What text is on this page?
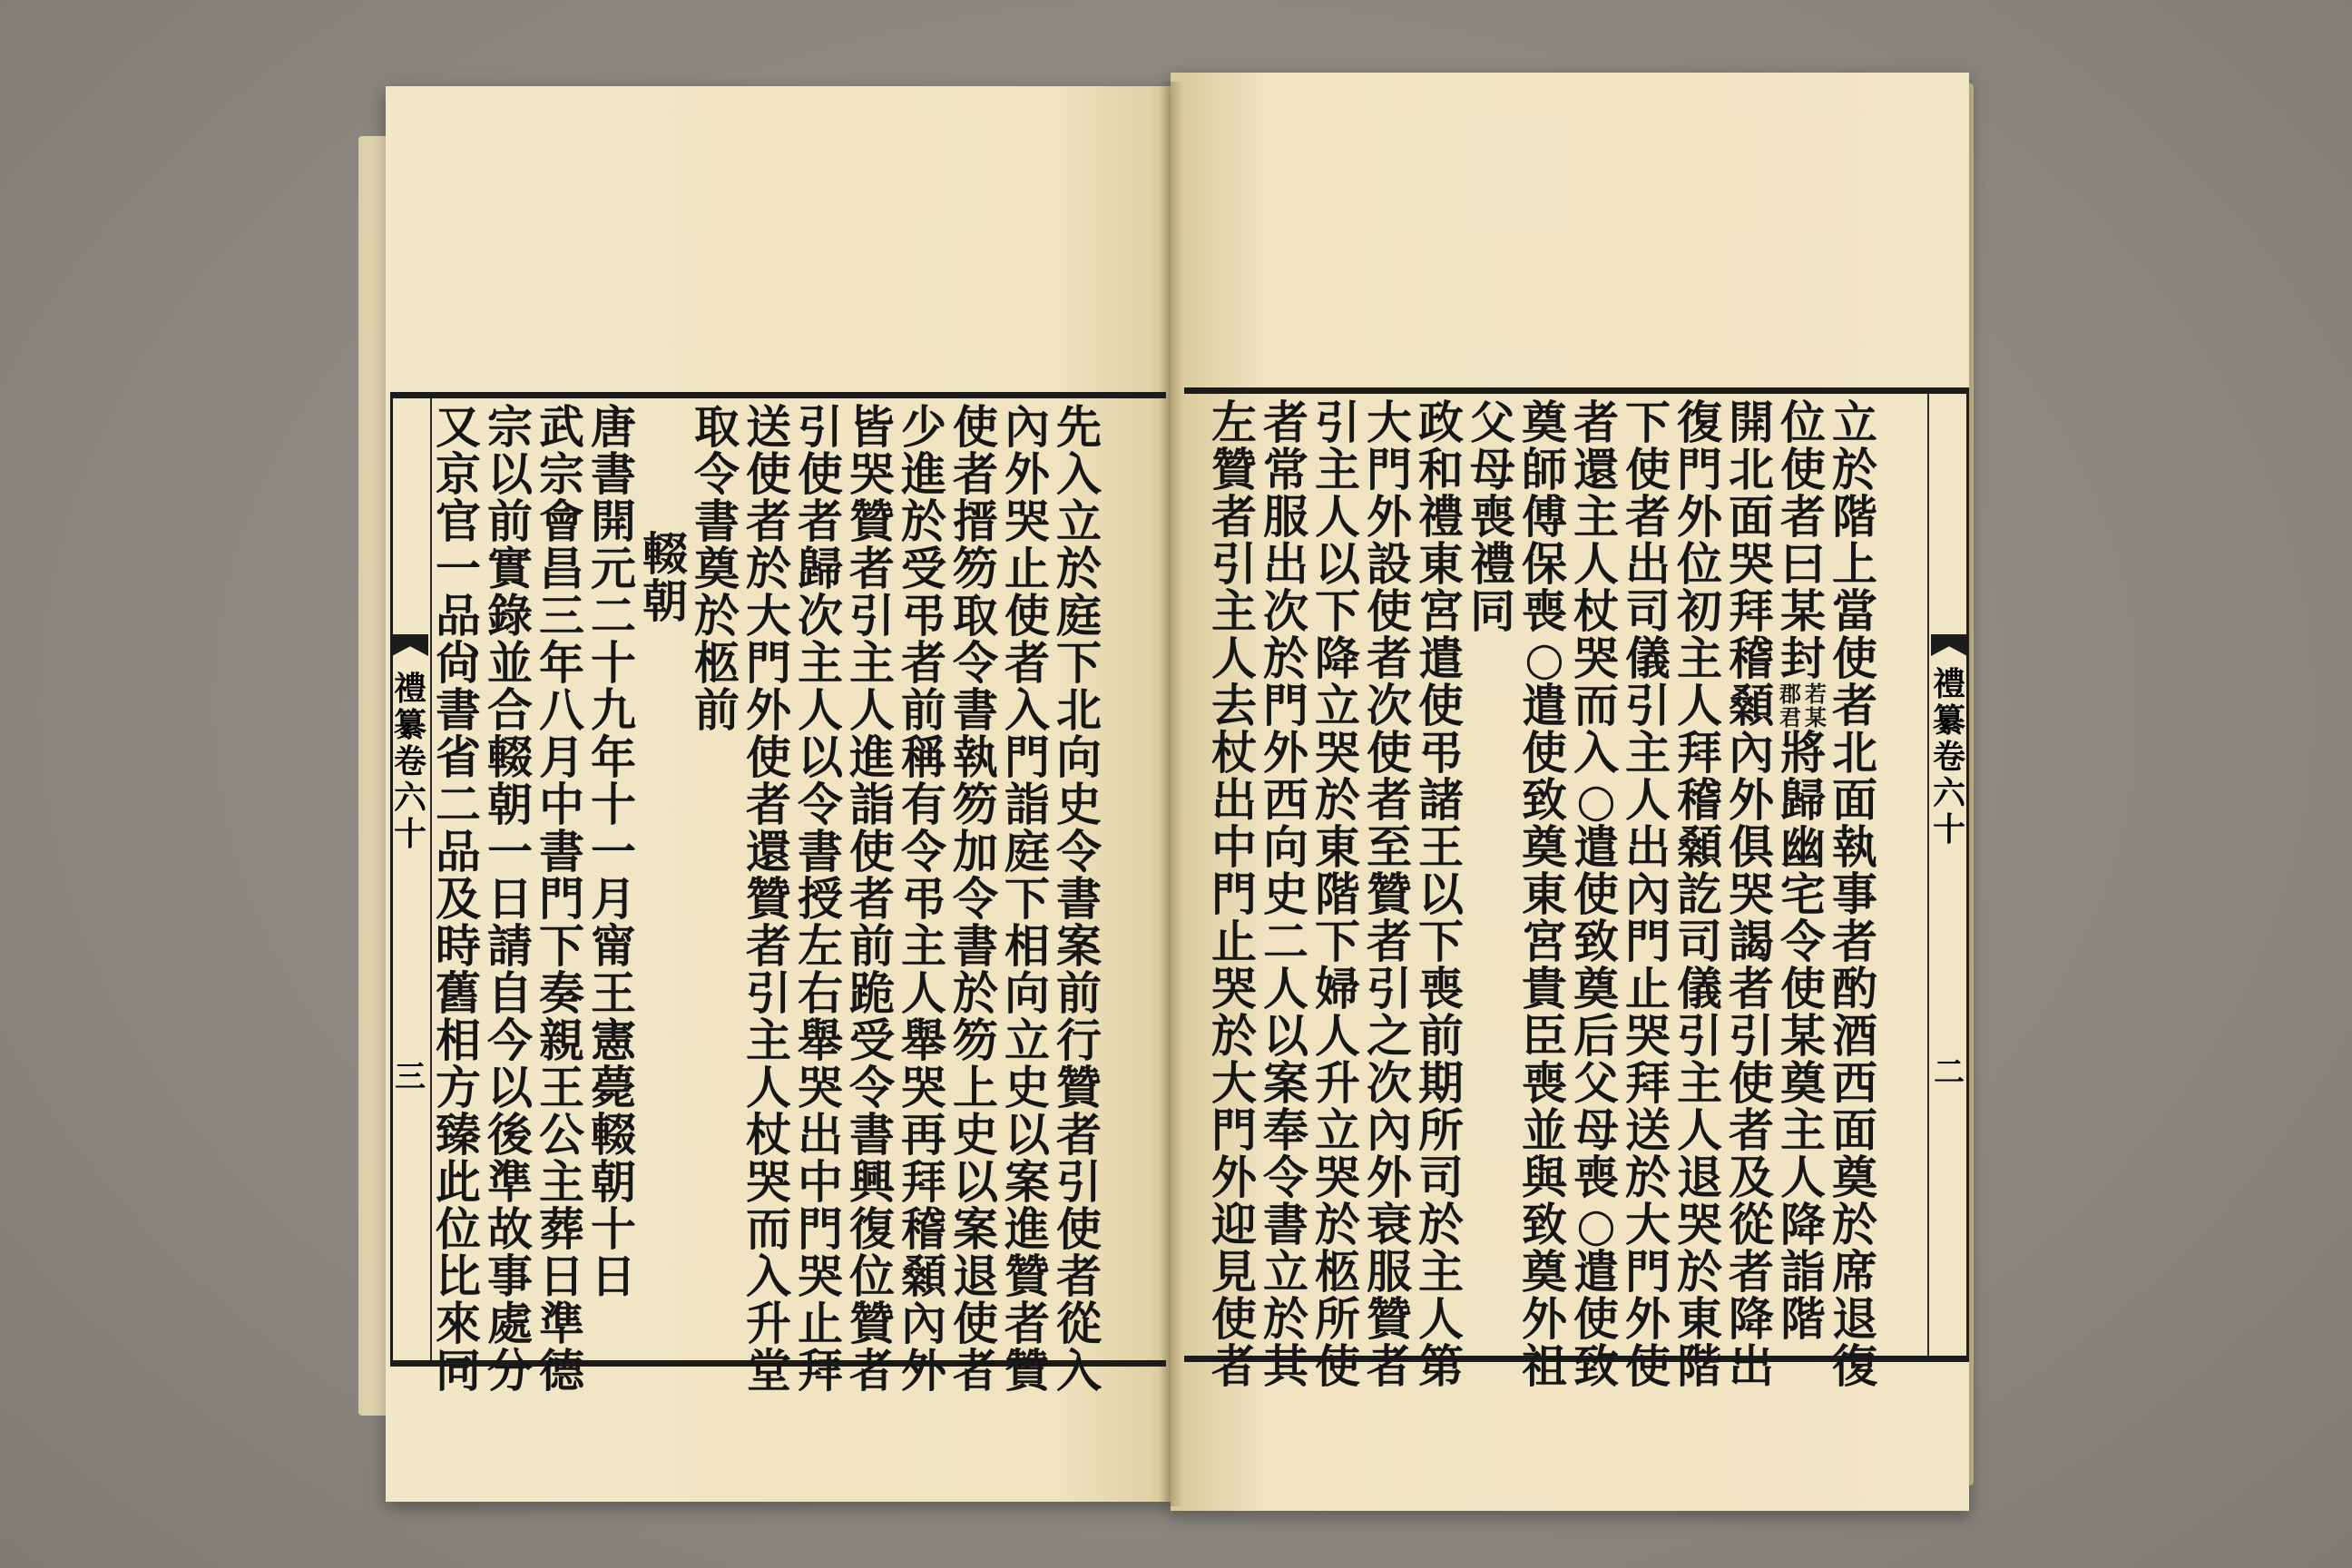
禮
纂
卷
六
十
三
先
入
立
於
庭
下
北
向
史
令
書
案
前
行
贊
者
引
使
者
從
入
內
外
哭
止
使
者
入
門
詣
庭
下
相
向
立
史
以
案
進
贊
者
贊
使
者
搢
笏
取
令
書
執
笏
加
令
書
於
笏
上
史
以
案
退
使
者
少
進
於
受
弔
者
前
稱
有
令
弔
主
人
舉
哭
再
拜
稽
顙
內
外
皆
哭
贊
者
引
主
人
進
詣
使
者
前
跪
受
令
書
興
復
位
贊
者
引
使
者
歸
次
主
人
以
令
書
授
左
右
舉
哭
出
中
門
哭
止
拜
送
使
者
於
大
門
外
使
者
還
贊
者
引
主
人
杖
哭
而
入
升
堂
取
令
書
奠
於
柩
前
輟
朝
唐
書
開
元
二
十
九
年
十
一
月
甯
王
憲
薨
輟
朝
十
日
武
宗
會
昌
三
年
八
月
中
書
門
下
奏
親
王
公
主
葬
日
準
德
宗
以
前
實
錄
並
合
輟
朝
一
日
請
自
今
以
後
準
故
事
處
分
又
京
官
一
品
尙
書
省
二
品
及
時
舊
相
方
臻
此
位
比
來
同
禮
纂
卷
六
十
二
立
於
階
上
當
使
者
北
面
執
事
者
酌
酒
西
面
奠
於
席
退
復
位
使
者
曰
某
封
若
某
郡
君
將
歸
幽
宅
令
使
某
奠
主
人
降
詣
階
開
北
面
哭
拜
稽
顙
內
外
俱
哭
謁
者
引
使
者
及
從
者
降
出
復
門
外
位
初
主
人
拜
稽
顙
訖
司
儀
引
主
人
退
哭
於
東
階
下
使
者
出
司
儀
引
主
人
出
內
門
止
哭
拜
送
於
大
門
外
使
者
還
主
人
杖
哭
而
入
○
遣
使
致
奠
后
父
母
喪
○
遣
使
致
奠
師
傅
保
喪
○
遣
使
致
奠
東
宮
貴
臣
喪
並
與
致
奠
外
祖
父
母
喪
禮
同
政
和
禮
東
宮
遣
使
弔
諸
王
以
下
喪
前
期
所
司
於
主
人
第
大
門
外
設
使
者
次
使
者
至
贊
者
引
之
次
內
外
衰
服
贊
者
引
主
人
以
下
降
立
哭
於
東
階
下
婦
人
升
立
哭
於
柩
所
使
者
常
服
出
次
於
門
外
西
向
史
二
人
以
案
奉
令
書
立
於
其
左
贊
者
引
主
人
去
杖
出
中
門
止
哭
於
大
門
外
迎
見
使
者
